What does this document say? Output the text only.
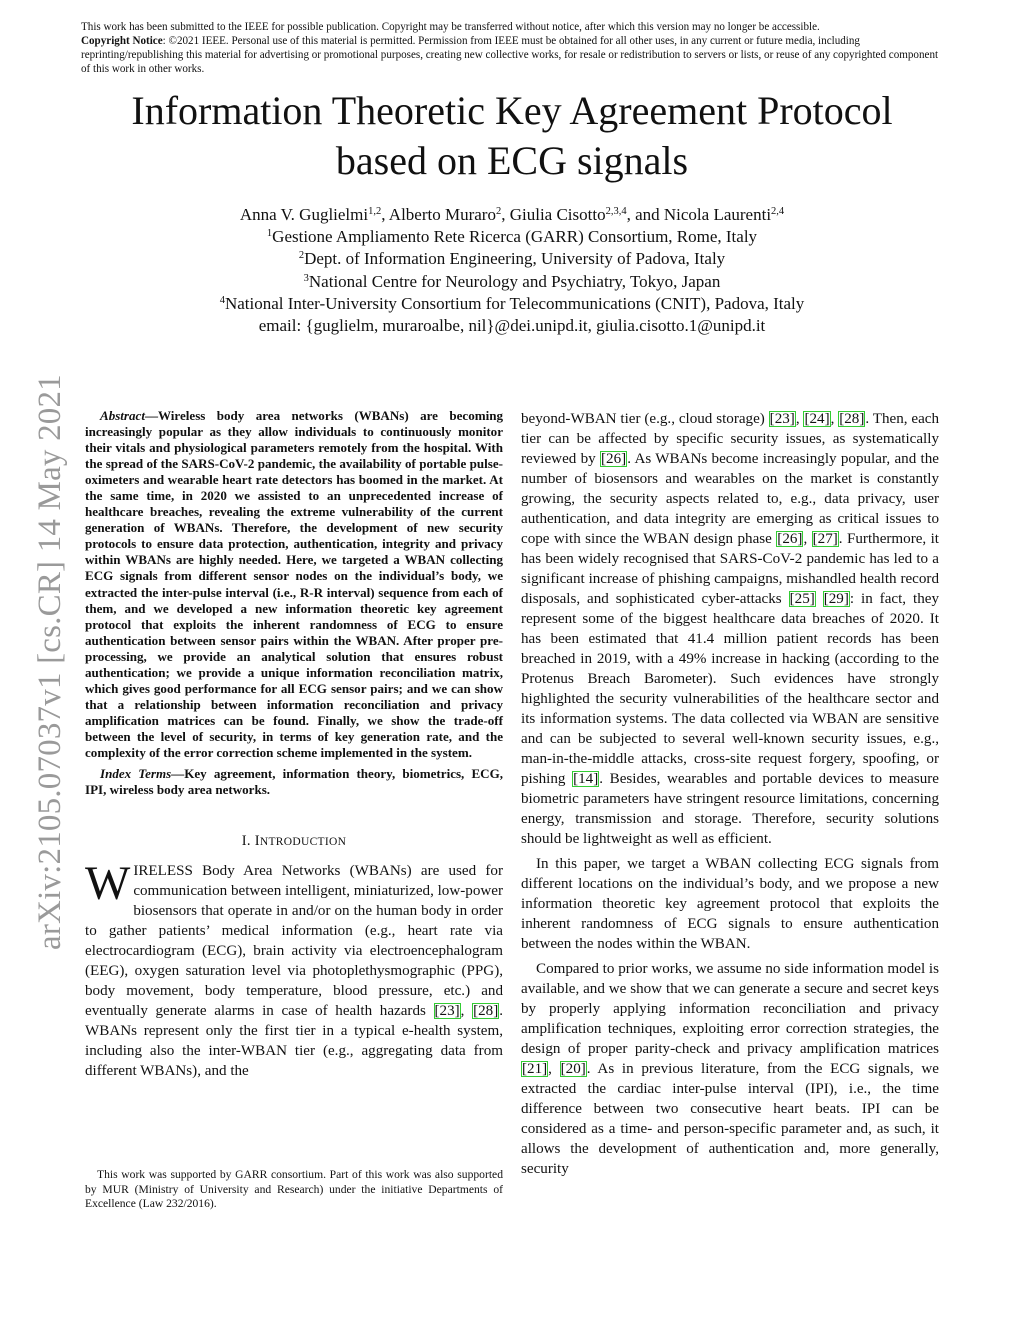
This work has been submitted to the IEEE for possible publication. Copyright may be transferred without notice, after which this version may no longer be accessible.

Copyright Notice: ©2021 IEEE. Personal use of this material is permitted. Permission from IEEE must be obtained for all other uses, in any current or future media, including reprinting/republishing this material for advertising or promotional purposes, creating new collective works, for resale or redistribution to servers or lists, or reuse of any copyrighted component of this work in other works.

Information Theoretic Key Agreement Protocol
based on ECG signals
Anna V. Guglielmi$^{1,2}$, Alberto Muraro$^2$, Giulia Cisotto$^{2,3,4}$, and Nicola Laurenti$^{2,4}$
$^1$Gestione Ampliamento Rete Ricerca (GARR) Consortium, Rome, Italy
$^2$Dept. of Information Engineering, University of Padova, Italy
$^3$National Centre for Neurology and Psychiatry, Tokyo, Japan
$^4$National Inter-University Consortium for Telecommunications (CNIT), Padova, Italy
email: {guglielm, muraroalbe, nil}@dei.unipd.it, giulia.cisotto.1@unipd.it
arXiv:2105.07037v1 [cs.CR] 14 May 2021	Abstract—Wireless body area networks (WBANs) are becoming increasingly popular as they allow individuals to continuously monitor their vitals and physiological parameters remotely from the hospital. With the spread of the SARS-CoV-2 pandemic, the availability of portable pulse-oximeters and wearable heart rate detectors has boomed in the market. At the same time, in 2020 we assisted to an unprecedented increase of healthcare breaches, revealing the extreme vulnerability of the current generation of WBANs. Therefore, the development of new security protocols to ensure data protection, authentication, integrity and privacy within WBANs are highly needed. Here, we targeted a WBAN collecting ECG signals from different sensor nodes on the individual’s body, we extracted the inter-pulse interval (i.e., R-R interval) sequence from each of them, and we developed a new information theoretic key agreement protocol that exploits the inherent randomness of ECG to ensure authentication between sensor pairs within the WBAN. After proper pre-processing, we provide an analytical solution that ensures robust authentication; we provide a unique information reconciliation matrix, which gives good performance for all ECG sensor pairs; and we can show that a relationship between information reconciliation and privacy amplification matrices can be found. Finally, we show the trade-off between the level of security, in terms of key generation rate, and the complexity of the error correction scheme implemented in the system.

Index Terms—Key agreement, information theory, biometrics, ECG, IPI, wireless body area networks.

I. INTRODUCTION

WIRELESS Body Area Networks (WBANs) are used for communication between intelligent, miniaturized, low-power biosensors that operate in and/or on the human body in order to gather patients’ medical information (e.g., heart rate via electrocardiogram (ECG), brain activity via electroencephalogram (EEG), oxygen saturation level via photoplethysmographic (PPG), body movement, body temperature, blood pressure, etc.) and eventually generate alarms in case of health hazards [23], [28]. WBANs represent only the first tier in a typical e-health system, including also the inter-WBAN tier (e.g., aggregating data from different WBANs), and the

This work was supported by GARR consortium. Part of this work was also supported by MUR (Ministry of University and Research) under the initiative Departments of Excellence (Law 232/2016).

beyond-WBAN tier (e.g., cloud storage) [23], [24], [28]. Then, each tier can be affected by specific security issues, as systematically reviewed by [26]. As WBANs become increasingly popular, and the number of biosensors and wearables on the market is constantly growing, the security aspects related to, e.g., data privacy, user authentication, and data integrity are emerging as critical issues to cope with since the WBAN design phase [26], [27]. Furthermore, it has been widely recognised that SARS-CoV-2 pandemic has led to a significant increase of phishing campaigns, mishandled health record disposals, and sophisticated cyber-attacks [25] [29]: in fact, they represent some of the biggest healthcare data breaches of 2020. It has been estimated that 41.4 million patient records has been breached in 2019, with a 49% increase in hacking (according to the Protenus Breach Barometer). Such evidences have strongly highlighted the security vulnerabilities of the healthcare sector and its information systems. The data collected via WBAN are sensitive and can be subjected to several well-known security issues, e.g., man-in-the-middle attacks, cross-site request forgery, spoofing, or pishing [14]. Besides, wearables and portable devices to measure biometric parameters have stringent resource limitations, concerning energy, transmission and storage. Therefore, security solutions should be lightweight as well as efficient.

In this paper, we target a WBAN collecting ECG signals from different locations on the individual’s body, and we propose a new information theoretic key agreement protocol that exploits the inherent randomness of ECG signals to ensure authentication between the nodes within the WBAN.

Compared to prior works, we assume no side information model is available, and we show that we can generate a secure and secret keys by properly applying information reconciliation and privacy amplification techniques, exploiting error correction strategies, the design of proper parity-check and privacy amplification matrices [21], [20]. As in previous literature, from the ECG signals, we extracted the cardiac inter-pulse interval (IPI), i.e., the time difference between two consecutive heart beats. IPI can be considered as a time- and person-specific parameter and, as such, it allows the development of authentication and, more generally, security
